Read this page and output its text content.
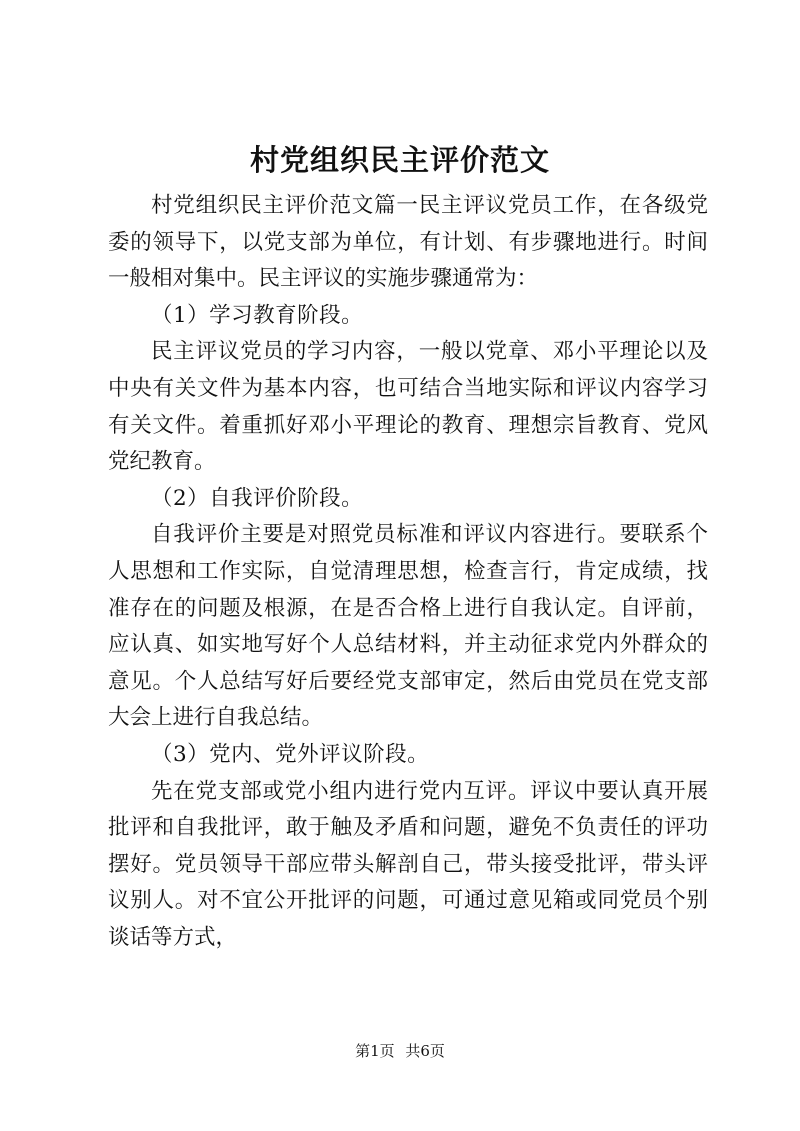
村党组织民主评价范文

村党组织民主评价范文篇一民主评议党员工作，在各级党委的领导下，以党支部为单位，有计划、有步骤地进行。时间一般相对集中。民主评议的实施步骤通常为：

（1）学习教育阶段。

民主评议党员的学习内容，一般以党章、邓小平理论以及中央有关文件为基本内容，也可结合当地实际和评议内容学习有关文件。着重抓好邓小平理论的教育、理想宗旨教育、党风党纪教育。

（2）自我评价阶段。

自我评价主要是对照党员标准和评议内容进行。要联系个人思想和工作实际，自觉清理思想，检查言行，肯定成绩，找准存在的问题及根源，在是否合格上进行自我认定。自评前，应认真、如实地写好个人总结材料，并主动征求党内外群众的意见。个人总结写好后要经党支部审定，然后由党员在党支部大会上进行自我总结。

（3）党内、党外评议阶段。

先在党支部或党小组内进行党内互评。评议中要认真开展批评和自我批评，敢于触及矛盾和问题，避免不负责任的评功摆好。党员领导干部应带头解剖自己，带头接受批评，带头评议别人。对不宜公开批评的问题，可通过意见箱或同党员个别谈话等方式，

第1页 共6页
